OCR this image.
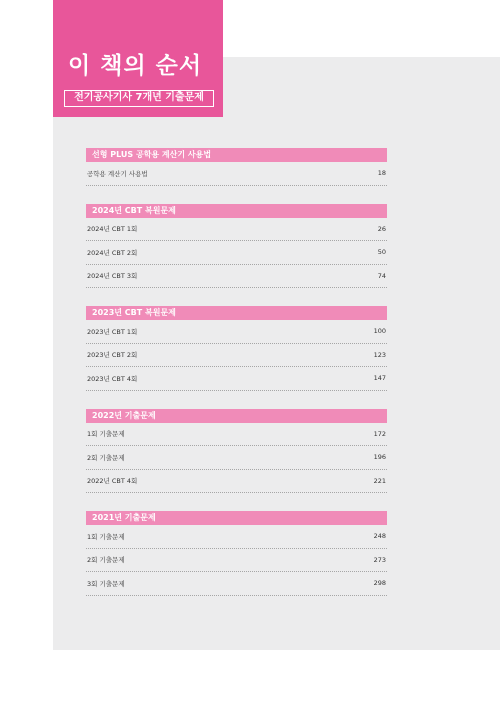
이 책의 순서
전기공사기사 7개년 기출문제
선형 PLUS 공학용 계산기 사용법
공학용 계산기 사용법	18
2024년 CBT 복원문제
2024년 CBT 1회	26
2024년 CBT 2회	50
2024년 CBT 3회	74
2023년 CBT 복원문제
2023년 CBT 1회	100
2023년 CBT 2회	123
2023년 CBT 4회	147
2022년 기출문제
1회 기출문제	172
2회 기출문제	196
2022년 CBT 4회	221
2021년 기출문제
1회 기출문제	248
2회 기출문제	273
3회 기출문제	298
